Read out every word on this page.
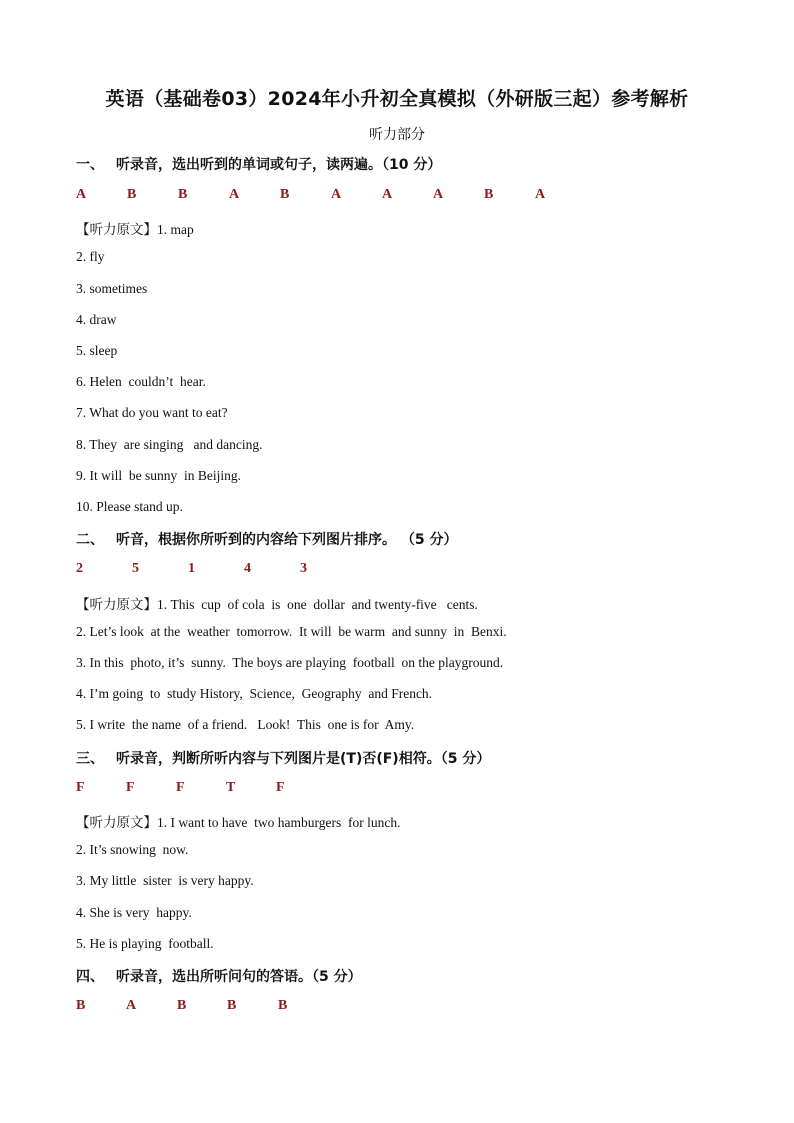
英语（基础卷03）2024年小升初全真模拟（外研版三起）参考解析
听力部分
一、 听录音，选出听到的单词或句子，读两遍。（10 分）
A	B	B	A	B	A	A	A	B	A
【听力原文】1. map
2. fly
3. sometimes
4. draw
5. sleep
6. Helen  couldn’t  hear.
7. What do you want to eat?
8. They  are singing   and dancing.
9. It will  be sunny  in Beijing.
10. Please stand up.
二、 听音，根据你所听到的内容给下列图片排序。 （5 分）
2	5	1	4	3
【听力原文】1. This  cup  of cola  is  one  dollar  and twenty-five   cents.
2. Let’s look  at the  weather  tomorrow.  It will  be warm  and sunny  in  Benxi.
3. In this  photo, it’s  sunny.  The boys are playing  football  on the playground.
4. I’m going  to  study History,  Science,  Geography  and French.
5. I write  the name  of a friend.   Look!  This  one is for  Amy.
三、 听录音，判断所听内容与下列图片是(T)否(F)相符。（5 分）
F	F	F	T	F
【听力原文】1. I want to have  two hamburgers  for lunch.
2. It’s snowing  now.
3. My little  sister  is very happy.
4. She is very  happy.
5. He is playing  football.
四、 听录音，选出所听问句的答语。（5 分）
B	A	B	B	B
